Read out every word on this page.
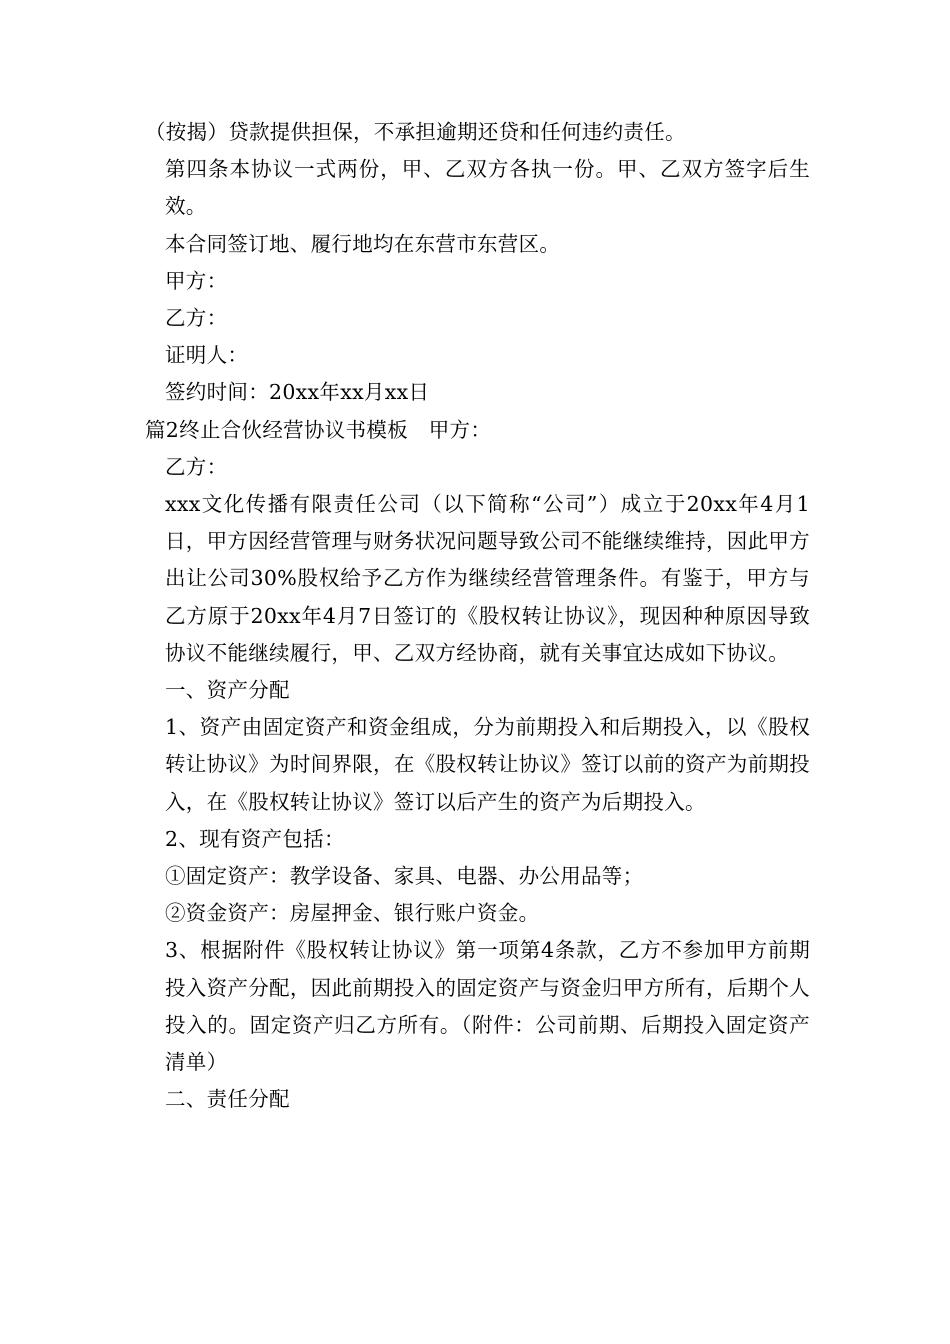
（按揭）贷款提供担保，不承担逾期还贷和任何违约责任。

第四条本协议一式两份，甲、乙双方各执一份。甲、乙双方签字后生效。

本合同签订地、履行地均在东营市东营区。

甲方：

乙方：

证明人：

签约时间：20xx年xx月xx日

篇2终止合伙经营协议书模板　甲方：

乙方：

xxx文化传播有限责任公司（以下简称“公司”）成立于20xx年4月1日，甲方因经营管理与财务状况问题导致公司不能继续维持，因此甲方出让公司30%股权给予乙方作为继续经营管理条件。有鉴于，甲方与乙方原于20xx年4月7日签订的《股权转让协议》，现因种种原因导致协议不能继续履行，甲、乙双方经协商，就有关事宜达成如下协议。

一、资产分配

1、资产由固定资产和资金组成，分为前期投入和后期投入，以《股权转让协议》为时间界限，在《股权转让协议》签订以前的资产为前期投入，在《股权转让协议》签订以后产生的资产为后期投入。

2、现有资产包括：

①固定资产：教学设备、家具、电器、办公用品等；

②资金资产：房屋押金、银行账户资金。

3、根据附件《股权转让协议》第一项第4条款，乙方不参加甲方前期投入资产分配，因此前期投入的固定资产与资金归甲方所有，后期个人投入的。固定资产归乙方所有。（附件：公司前期、后期投入固定资产清单）

二、责任分配
